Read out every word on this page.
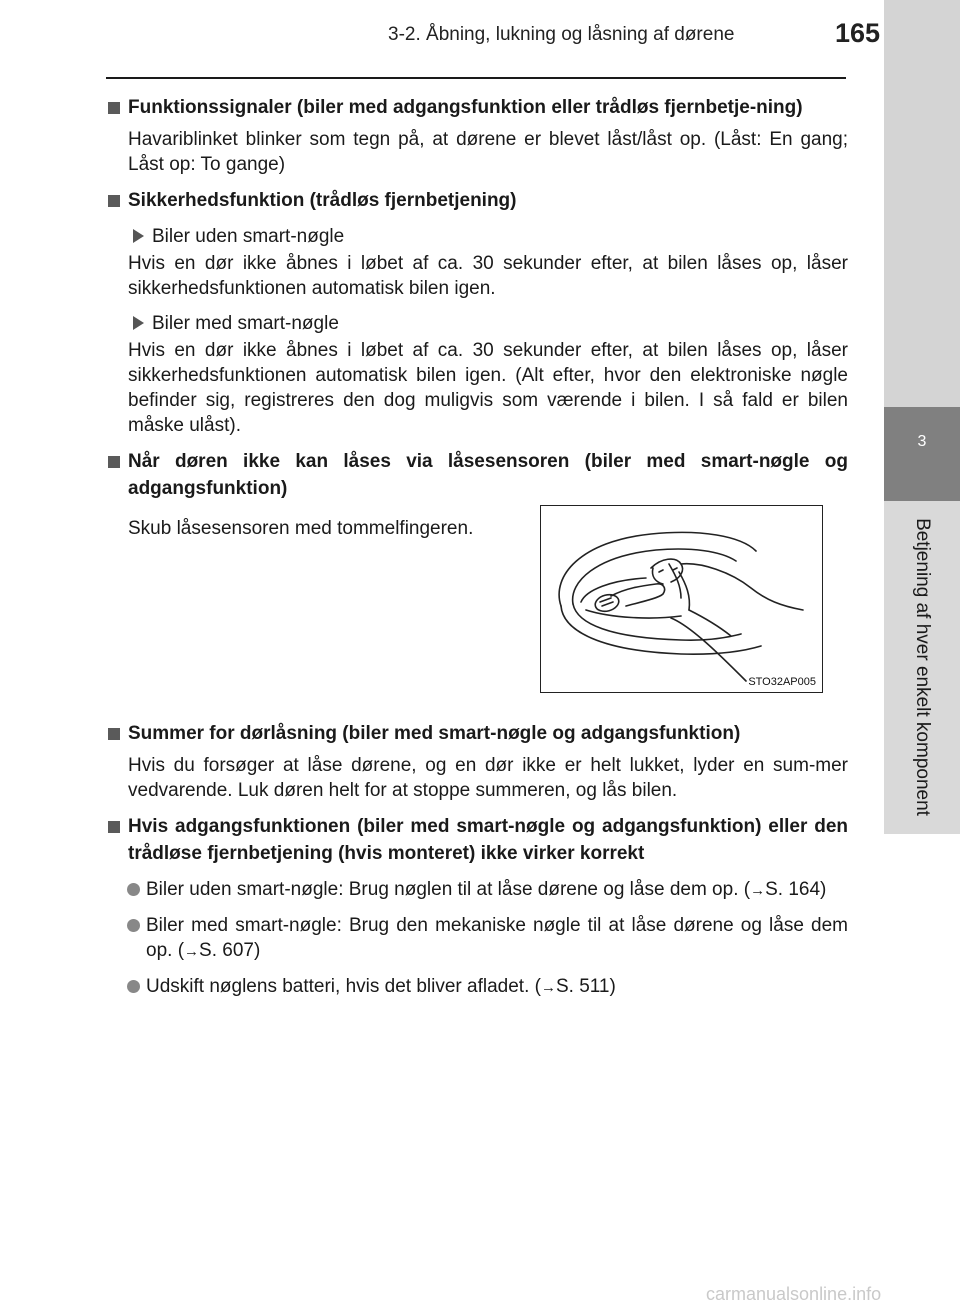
3-2. Åbning, lukning og låsning af dørene	165
3
Betjening af hver enkelt komponent
Funktionssignaler (biler med adgangsfunktion eller trådløs fjernbetje-ning)
Havariblinket blinker som tegn på, at dørene er blevet låst/låst op. (Låst: En gang; Låst op: To gange)
Sikkerhedsfunktion (trådløs fjernbetjening)
Biler uden smart-nøgle
Hvis en dør ikke åbnes i løbet af ca. 30 sekunder efter, at bilen låses op, låser sikkerhedsfunktionen automatisk bilen igen.
Biler med smart-nøgle
Hvis en dør ikke åbnes i løbet af ca. 30 sekunder efter, at bilen låses op, låser sikkerhedsfunktionen automatisk bilen igen. (Alt efter, hvor den elektroniske nøgle befinder sig, registreres den dog muligvis som værende i bilen. I så fald er bilen måske ulåst).
Når døren ikke kan låses via låsesensoren (biler med smart-nøgle og adgangsfunktion)
Skub låsesensoren med tommelfingeren.
Summer for dørlåsning (biler med smart-nøgle og adgangsfunktion)
Hvis du forsøger at låse dørene, og en dør ikke er helt lukket, lyder en sum-mer vedvarende. Luk døren helt for at stoppe summeren, og lås bilen.
Hvis adgangsfunktionen (biler med smart-nøgle og adgangsfunktion) eller den trådløse fjernbetjening (hvis monteret) ikke virker korrekt
Biler uden smart-nøgle: Brug nøglen til at låse dørene og låse dem op. (→S. 164)
Biler med smart-nøgle: Brug den mekaniske nøgle til at låse dørene og låse dem op. (→S. 607)
Udskift nøglens batteri, hvis det bliver afladet. (→S. 511)
STO32AP005
carmanualsonline.info
